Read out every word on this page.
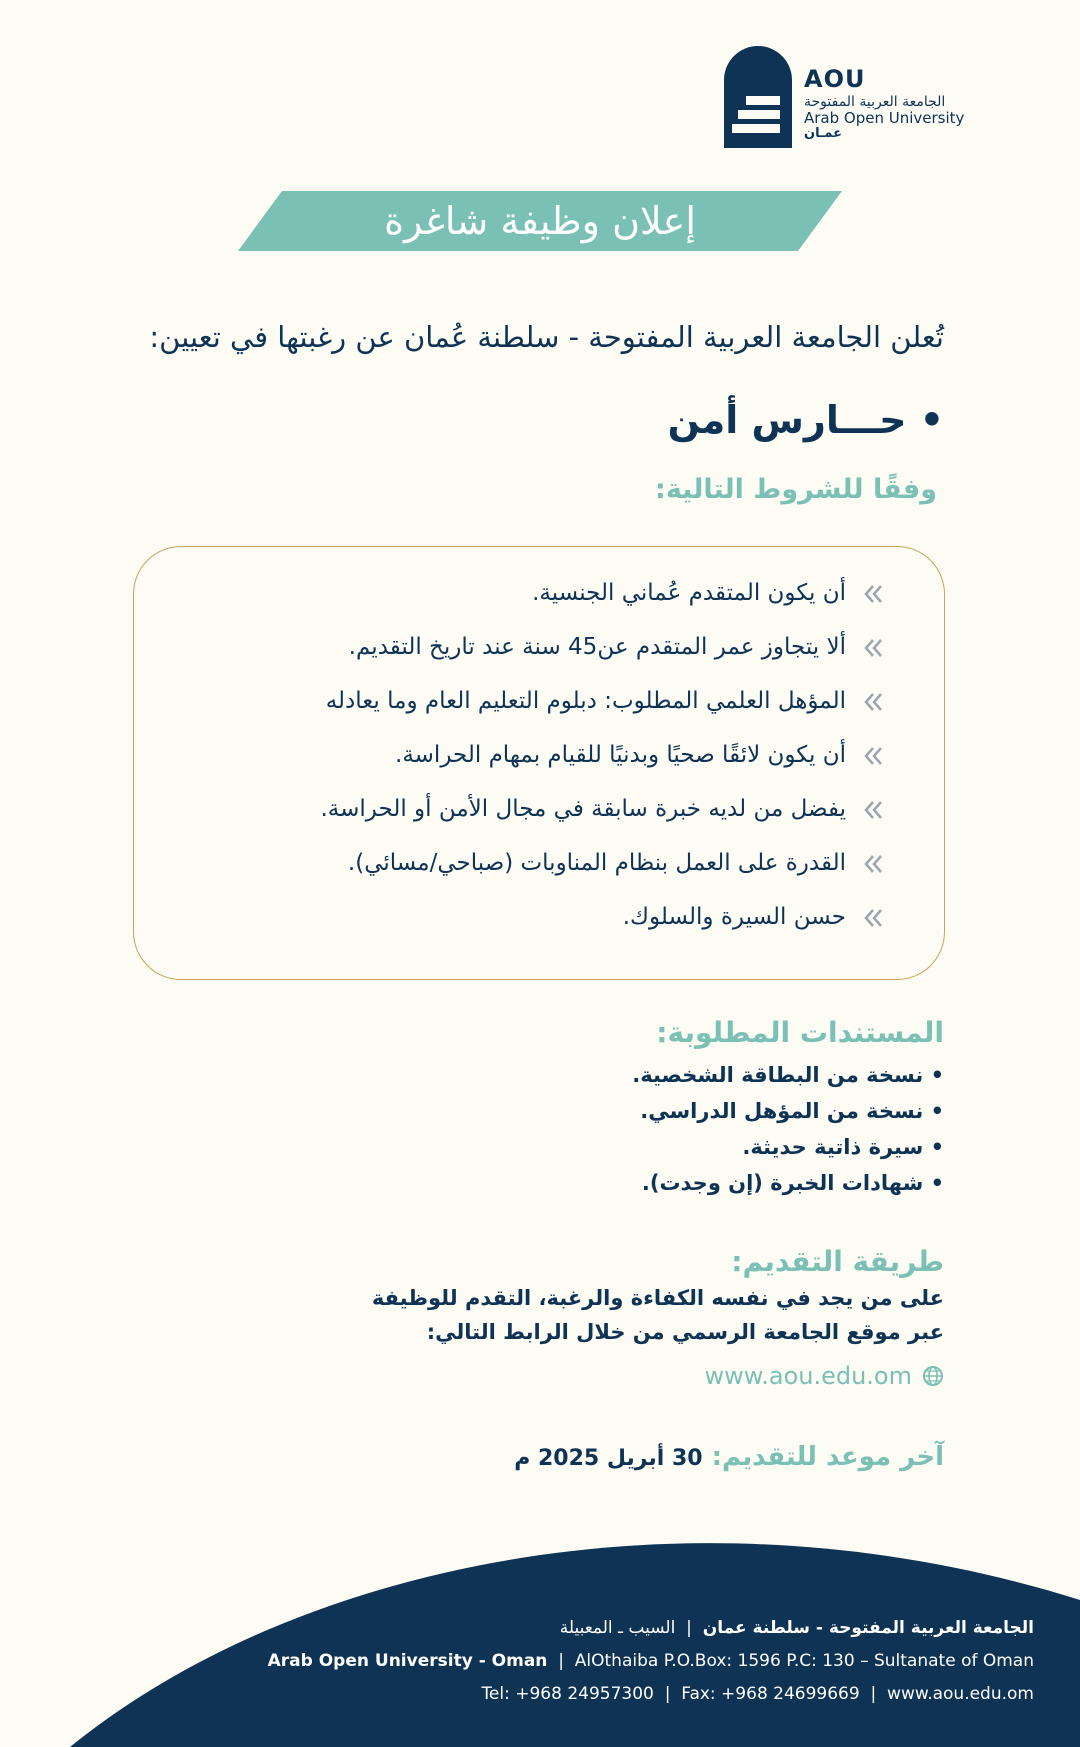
AOU
الجامعة العربية المفتوحة
Arab Open University
عمـان
إعلان وظيفة شاغرة
تُعلن الجامعة العربية المفتوحة - سلطنة عُمان عن رغبتها في تعيين:
• حـــارس أمن
وفقًا للشروط التالية:
أن يكون المتقدم عُماني الجنسية.
ألا يتجاوز عمر المتقدم عن45 سنة عند تاريخ التقديم.
المؤهل العلمي المطلوب: دبلوم التعليم العام وما يعادله
أن يكون لائقًا صحيًا وبدنيًا للقيام بمهام الحراسة.
يفضل من لديه خبرة سابقة في مجال الأمن أو الحراسة.
القدرة على العمل بنظام المناوبات (صباحي/مسائي).
حسن السيرة والسلوك.
المستندات المطلوبة:
• نسخة من البطاقة الشخصية.
• نسخة من المؤهل الدراسي.
• سيرة ذاتية حديثة.
• شهادات الخبرة (إن وجدت).
طريقة التقديم:
على من يجد في نفسه الكفاءة والرغبة، التقدم للوظيفة
عبر موقع الجامعة الرسمي من خلال الرابط التالي:
www.aou.edu.om
آخر موعد للتقديم: 30 أبريل 2025 م
الجامعة العربية المفتوحة - سلطنة عمان  |  السيب ـ المعبيلة
Arab Open University - Oman | AlOthaiba P.O.Box: 1596 P.C: 130 – Sultanate of Oman
Tel: +968 24957300 | Fax: +968 24699669 | www.aou.edu.om
